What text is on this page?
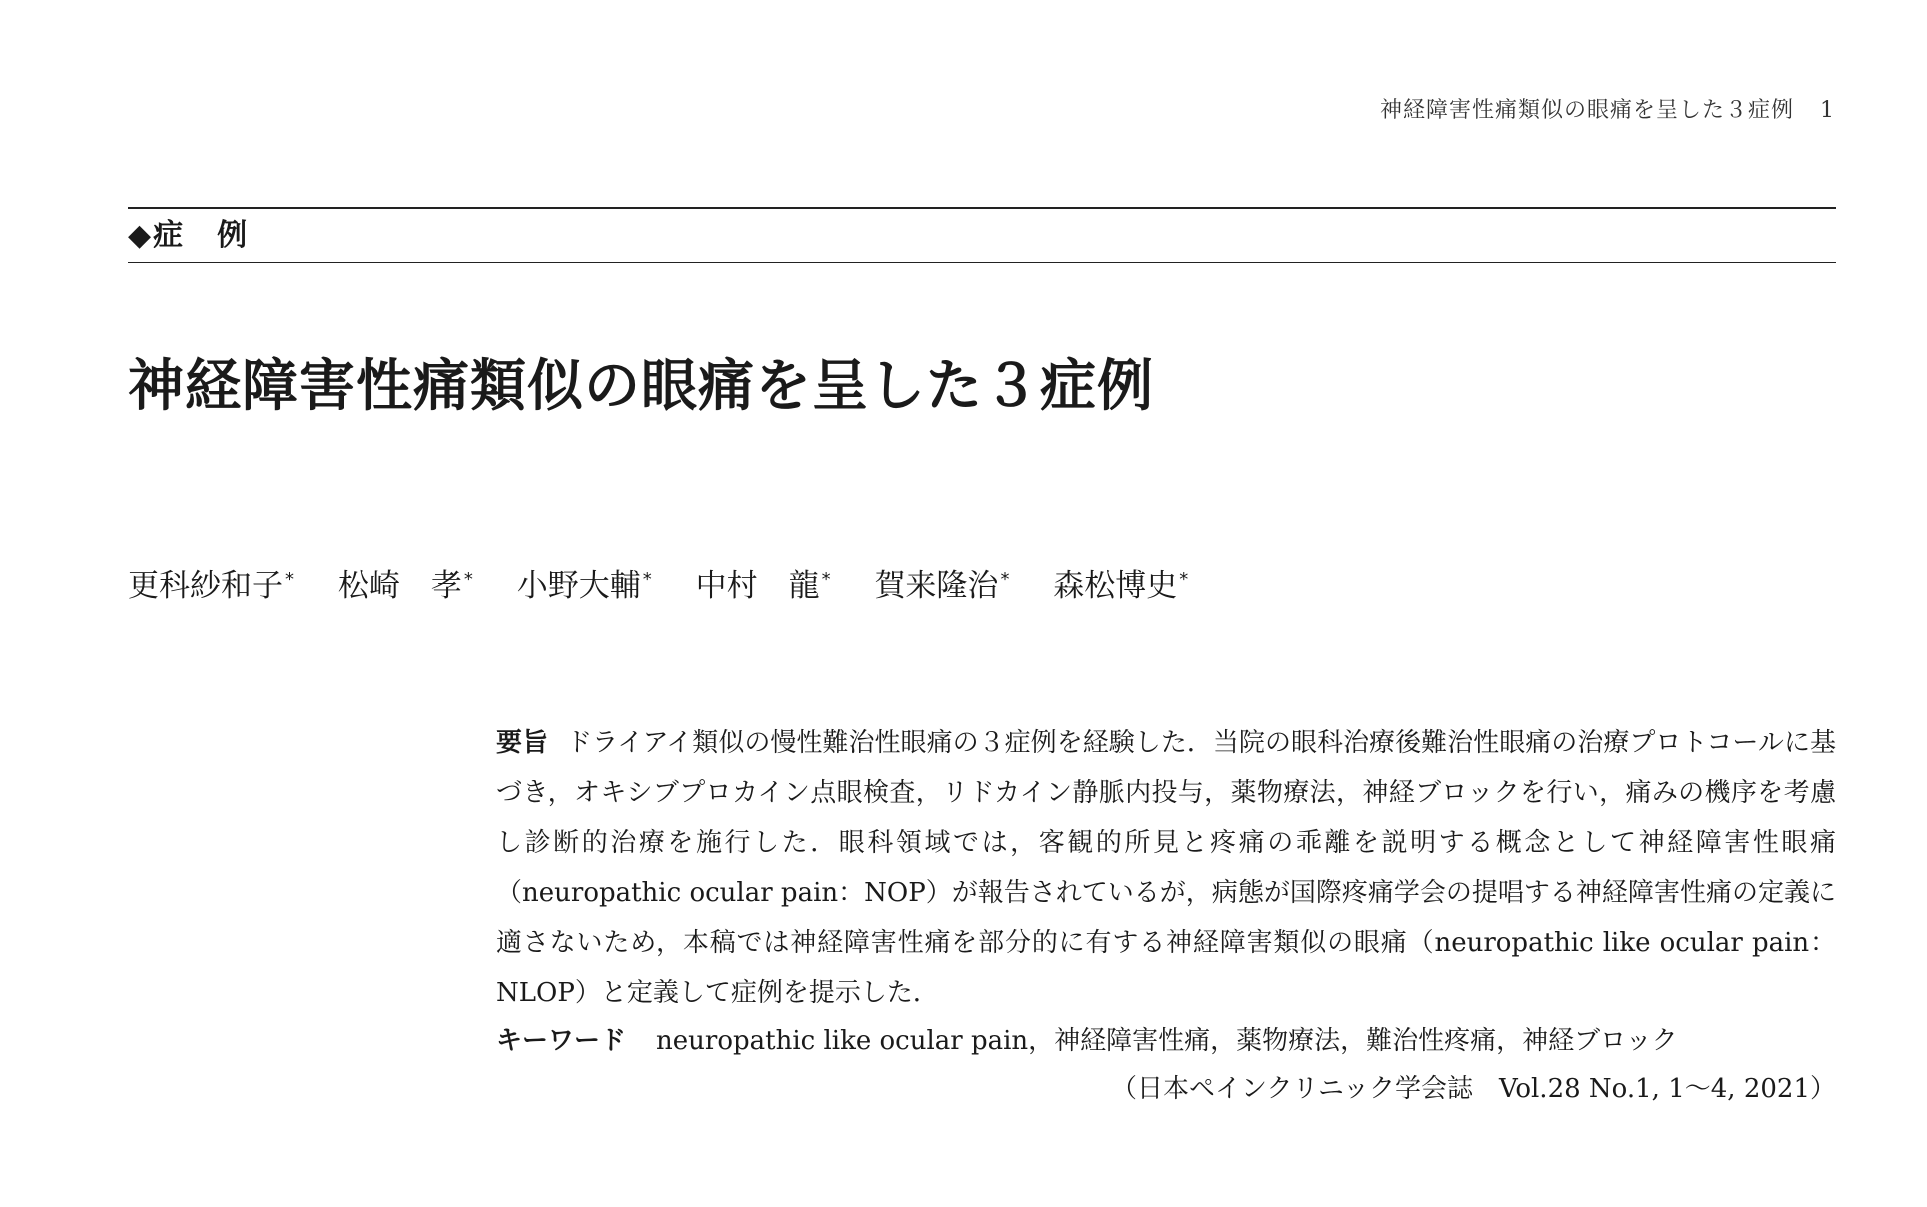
神経障害性痛類似の眼痛を呈した３症例 1
◆症　例
神経障害性痛類似の眼痛を呈した３症例
更科紗和子 * 松崎　孝 * 小野大輔 * 中村　龍 * 賀来隆治 * 森松博史 *
要旨 ドライアイ類似の慢性難治性眼痛の３症例を経験した．当院の眼科治療後難治性眼痛の治療プロトコールに基づき，オキシブプロカイン点眼検査，リドカイン静脈内投与，薬物療法，神経ブロックを行い，痛みの機序を考慮し診断的治療を施行した．眼科領域では，客観的所見と疼痛の乖離を説明する概念として神経障害性眼痛（neuropathic ocular pain：NOP）が報告されているが，病態が国際疼痛学会の提唱する神経障害性痛の定義に適さないため，本稿では神経障害性痛を部分的に有する神経障害類似の眼痛（neuropathic like ocular pain：NLOP）と定義して症例を提示した．
キーワード neuropathic like ocular pain，神経障害性痛，薬物療法，難治性疼痛，神経ブロック
（日本ペインクリニック学会誌　Vol.28 No.1, 1〜4, 2021）
